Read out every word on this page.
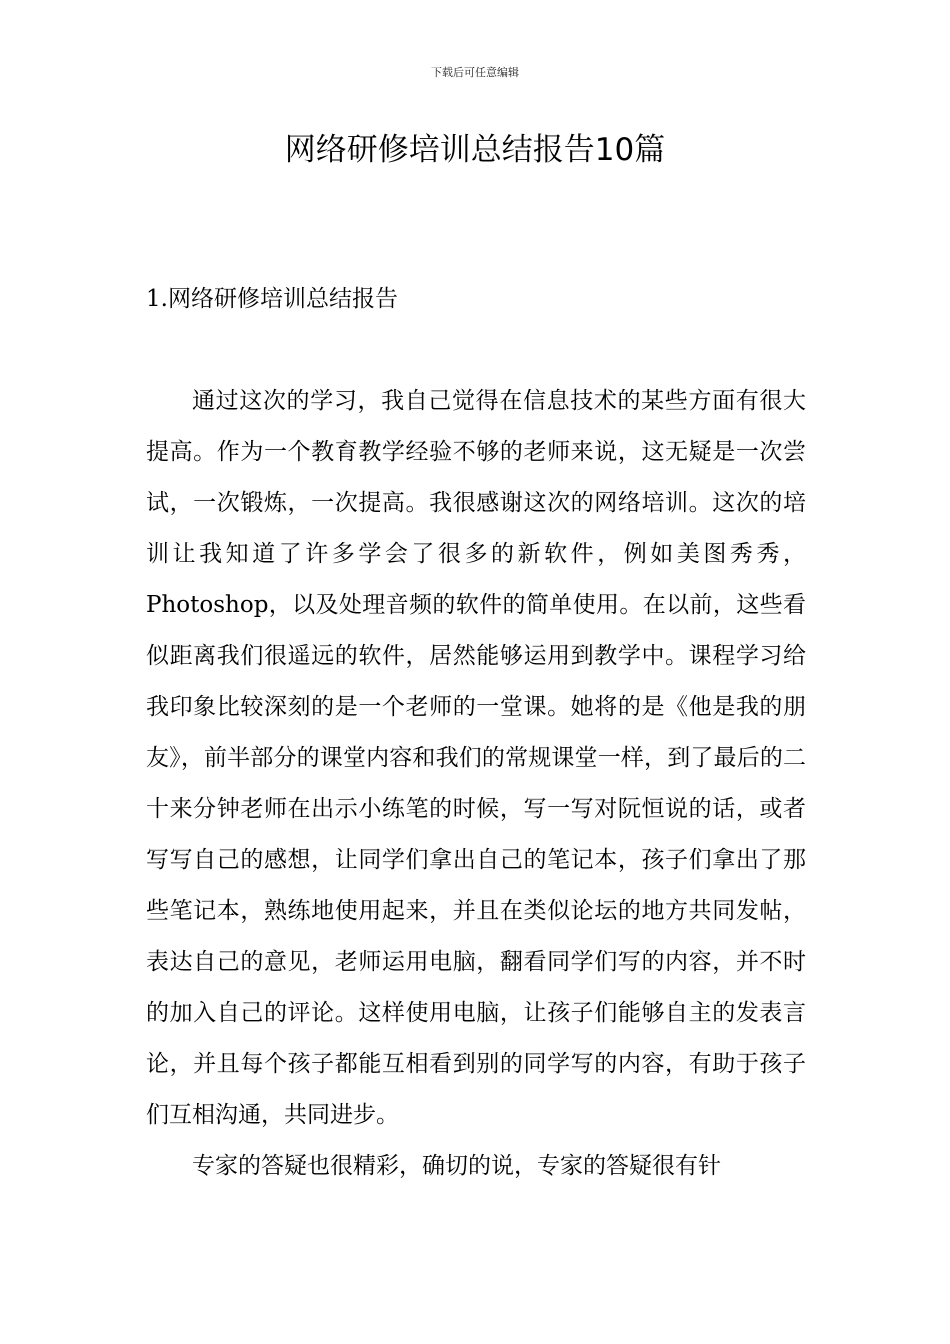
下载后可任意编辑
网络研修培训总结报告10篇
1.网络研修培训总结报告

通过这次的学习，我自己觉得在信息技术的某些方面有很大提高。作为一个教育教学经验不够的老师来说，这无疑是一次尝试，一次锻炼，一次提高。我很感谢这次的网络培训。这次的培训让我知道了许多学会了很多的新软件，例如美图秀秀，Photoshop，以及处理音频的软件的简单使用。在以前，这些看似距离我们很遥远的软件，居然能够运用到教学中。课程学习给我印象比较深刻的是一个老师的一堂课。她将的是《他是我的朋友》，前半部分的课堂内容和我们的常规课堂一样，到了最后的二十来分钟老师在出示小练笔的时候，写一写对阮恒说的话，或者写写自己的感想，让同学们拿出自己的笔记本，孩子们拿出了那些笔记本，熟练地使用起来，并且在类似论坛的地方共同发帖，表达自己的意见，老师运用电脑，翻看同学们写的内容，并不时的加入自己的评论。这样使用电脑，让孩子们能够自主的发表言论，并且每个孩子都能互相看到别的同学写的内容，有助于孩子们互相沟通，共同进步。

专家的答疑也很精彩，确切的说，专家的答疑很有针
